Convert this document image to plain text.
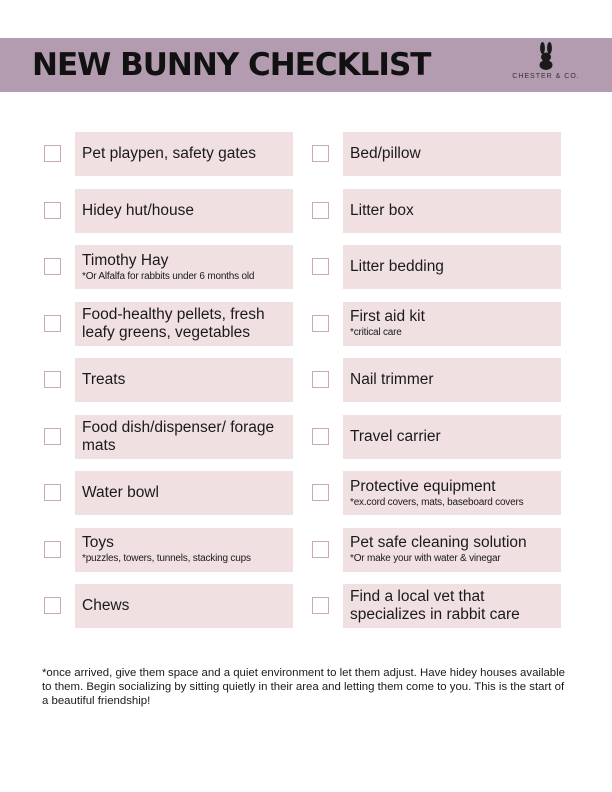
NEW BUNNY CHECKLIST	CHESTER & CO.
Pet playpen, safety gates
Hidey hut/house
Timothy Hay
*Or Alfalfa for rabbits under 6 months old
Food-healthy pellets, fresh leafy greens, vegetables
Treats
Food dish/dispenser/ forage mats
Water bowl
Toys
*puzzles, towers, tunnels, stacking cups
Chews
Bed/pillow
Litter box
Litter bedding
First aid kit
*critical care
Nail trimmer
Travel carrier
Protective equipment
*ex.cord covers, mats, baseboard covers
Pet safe cleaning solution
*Or make your with water & vinegar
Find a local vet that specializes in rabbit care

*once arrived, give them space and a quiet environment to let them adjust. Have hidey houses available to them. Begin socializing by sitting quietly in their area and letting them come to you. This is the start of a beautiful friendship!
